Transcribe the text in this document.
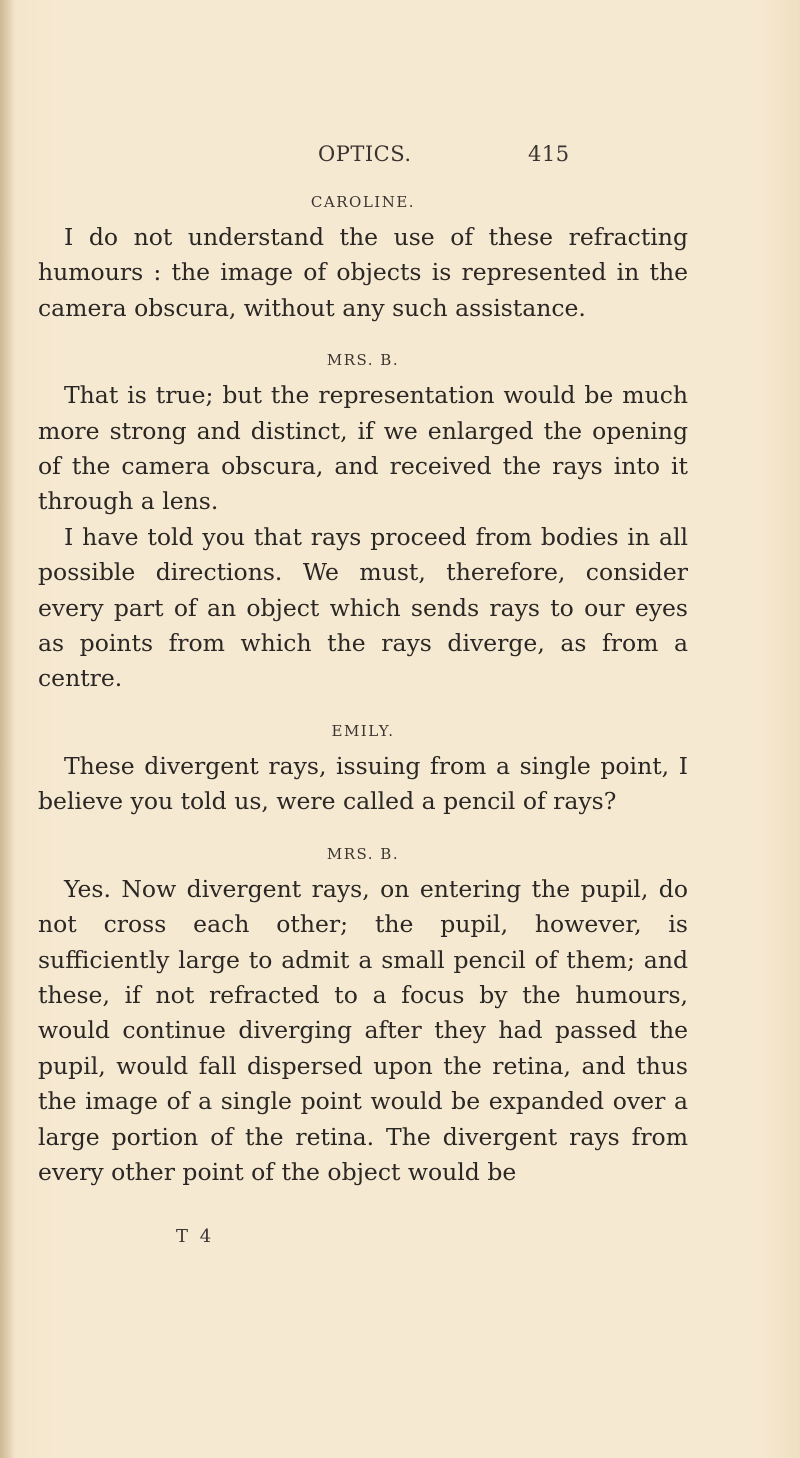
OPTICS.	415
CAROLINE.

I do not understand the use of these refracting humours : the image of objects is represented in the camera obscura, without any such assistance.

MRS. B.

That is true; but the representation would be much more strong and distinct, if we enlarged the opening of the camera obscura, and received the rays into it through a lens.

I have told you that rays proceed from bodies in all possible directions. We must, therefore, consider every part of an object which sends rays to our eyes as points from which the rays diverge, as from a centre.

EMILY.

These divergent rays, issuing from a single point, I believe you told us, were called a pencil of rays?

MRS. B.

Yes. Now divergent rays, on entering the pupil, do not cross each other; the pupil, however, is sufficiently large to admit a small pencil of them; and these, if not refracted to a focus by the humours, would continue diverging after they had passed the pupil, would fall dispersed upon the retina, and thus the image of a single point would be expanded over a large portion of the retina. The divergent rays from every other point of the object would be

T 4
